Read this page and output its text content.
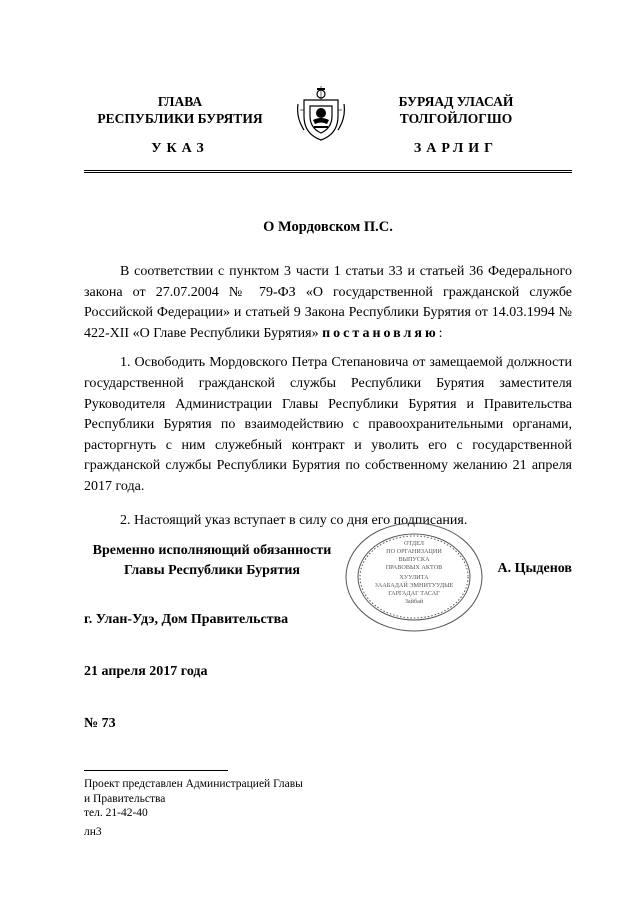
ГЛАВА
РЕСПУБЛИКИ БУРЯТИЯ
БУРЯАД УЛАСАЙ
ТОЛГОЙЛОГШО
УКАЗ	ЗАРЛИГ
О Мордовском П.С.

В соответствии с пунктом 3 части 1 статьи 33 и статьей 36 Федерального закона от 27.07.2004 № 79-ФЗ «О государственной гражданской службе Российской Федерации» и статьей 9 Закона Республики Бурятия от 14.03.1994 № 422-XII «О Главе Республики Бурятия» постановляю:

1. Освободить Мордовского Петра Степановича от замещаемой должности государственной гражданской службы Республики Бурятия заместителя Руководителя Администрации Главы Республики Бурятия и Правительства Республики Бурятия по взаимодействию с правоохранительными органами, расторгнуть с ним служебный контракт и уволить его с государственной гражданской службы Республики Бурятия по собственному желанию 21 апреля 2017 года.

2. Настоящий указ вступает в силу со дня его подписания.

Временно исполняющий обязанности
Главы Республики Бурятия
ОТДЕЛ
ПО ОРГАНИЗАЦИИ
ВЫПУСКА
ПРАВОВЫХ АКТОВ
ХУУЛИТА
ЗААБАДАЙ ЭМНИТУУДЫЕ
ГАРГАДАГ ТАСАГ
Зайбай
А. Цыденов
г. Улан-Удэ, Дом Правительства
21 апреля 2017 года
№ 73
Проект представлен Администрацией Главы
и Правительства
тел. 21-42-40
лн3
